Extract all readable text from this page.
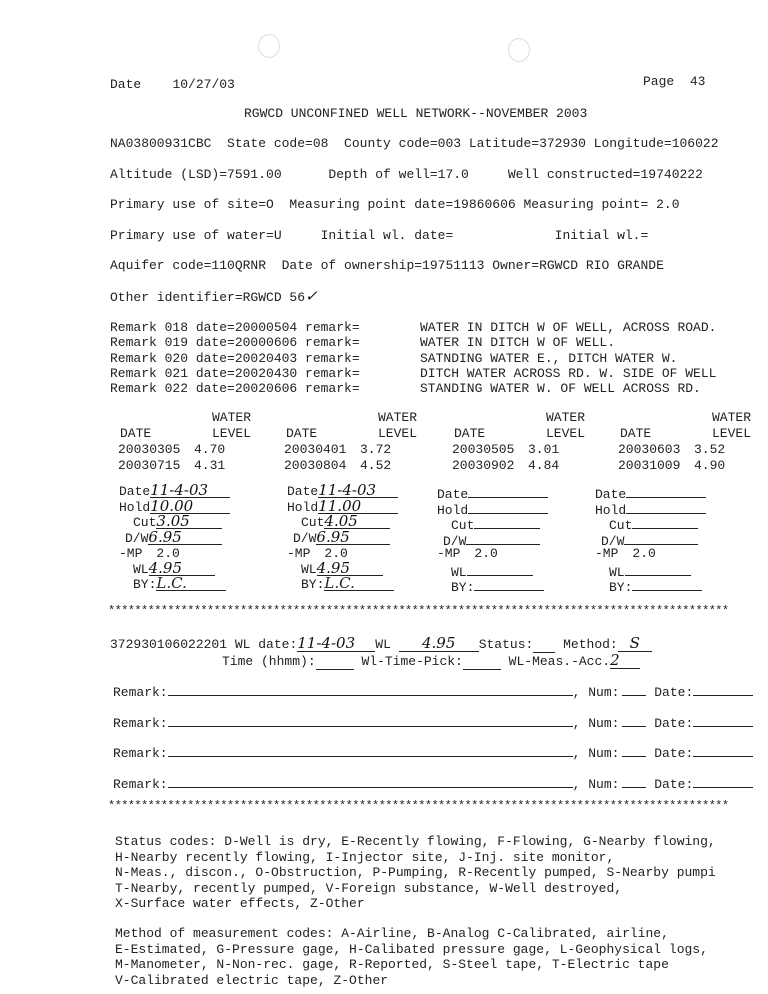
Date 10/27/03	Page 43
RGWCD UNCONFINED WELL NETWORK--NOVEMBER 2003
NA03800931CBC  State code=08  County code=003 Latitude=372930 Longitude=106022
Altitude (LSD)=7591.00      Depth of well=17.0     Well constructed=19740222
Primary use of site=O  Measuring point date=19860606 Measuring point= 2.0
Primary use of water=U     Initial wl. date=             Initial wl.=
Aquifer code=110QRNR  Date of ownership=19751113 Owner=RGWCD RIO GRANDE
Other identifier=RGWCD 56✓
Remark 018 date=20000504 remark=	WATER IN DITCH W OF WELL, ACROSS ROAD.
Remark 019 date=20000606 remark=	WATER IN DITCH W OF WELL.
Remark 020 date=20020403 remark=	SATNDING WATER E., DITCH WATER W.
Remark 021 date=20020430 remark=	DITCH WATER ACROSS RD. W. SIDE OF WELL
Remark 022 date=20020606 remark=	STANDING WATER W. OF WELL ACROSS RD.
WATER
DATE	LEVEL
20030305 4.70
20030715 4.31
WATER
DATE	LEVEL
20030401 3.72
20030804 4.52
WATER
DATE	LEVEL
20030505 3.01
20030902 4.84
WATER
DATE	LEVEL
20030603 3.52
20031009 4.90
Date11-4-03
Hold10.00
Cut3.05
D/W6.95
-MP 2.0
WL4.95
BY:L.C.
Date11-4-03
Hold11.00
Cut4.05
D/W6.95
-MP 2.0
WL4.95
BY:L.C.
Date
Hold
Cut
D/W
-MP 2.0
WL
BY:
Date
Hold
Cut
D/W
-MP 2.0
WL
BY:
**********************************************************************************************
372930106022201 WL date:11-4-03 WL 4.95 Status: Method: S
Time (hhmm):	Wl-Time-Pick:	WL-Meas.-Acc.2
Remark:	, Num:	Date:
Remark:	, Num:	Date:
Remark:	, Num:	Date:
Remark:	, Num:	Date:
**********************************************************************************************
Status codes: D-Well is dry, E-Recently flowing, F-Flowing, G-Nearby flowing,
H-Nearby recently flowing, I-Injector site, J-Inj. site monitor,
N-Meas., discon., O-Obstruction, P-Pumping, R-Recently pumped, S-Nearby pumpi
T-Nearby, recently pumped, V-Foreign substance, W-Well destroyed,
X-Surface water effects, Z-Other
Method of measurement codes: A-Airline, B-Analog C-Calibrated, airline,
E-Estimated, G-Pressure gage, H-Calibated pressure gage, L-Geophysical logs,
M-Manometer, N-Non-rec. gage, R-Reported, S-Steel tape, T-Electric tape
V-Calibrated electric tape, Z-Other
